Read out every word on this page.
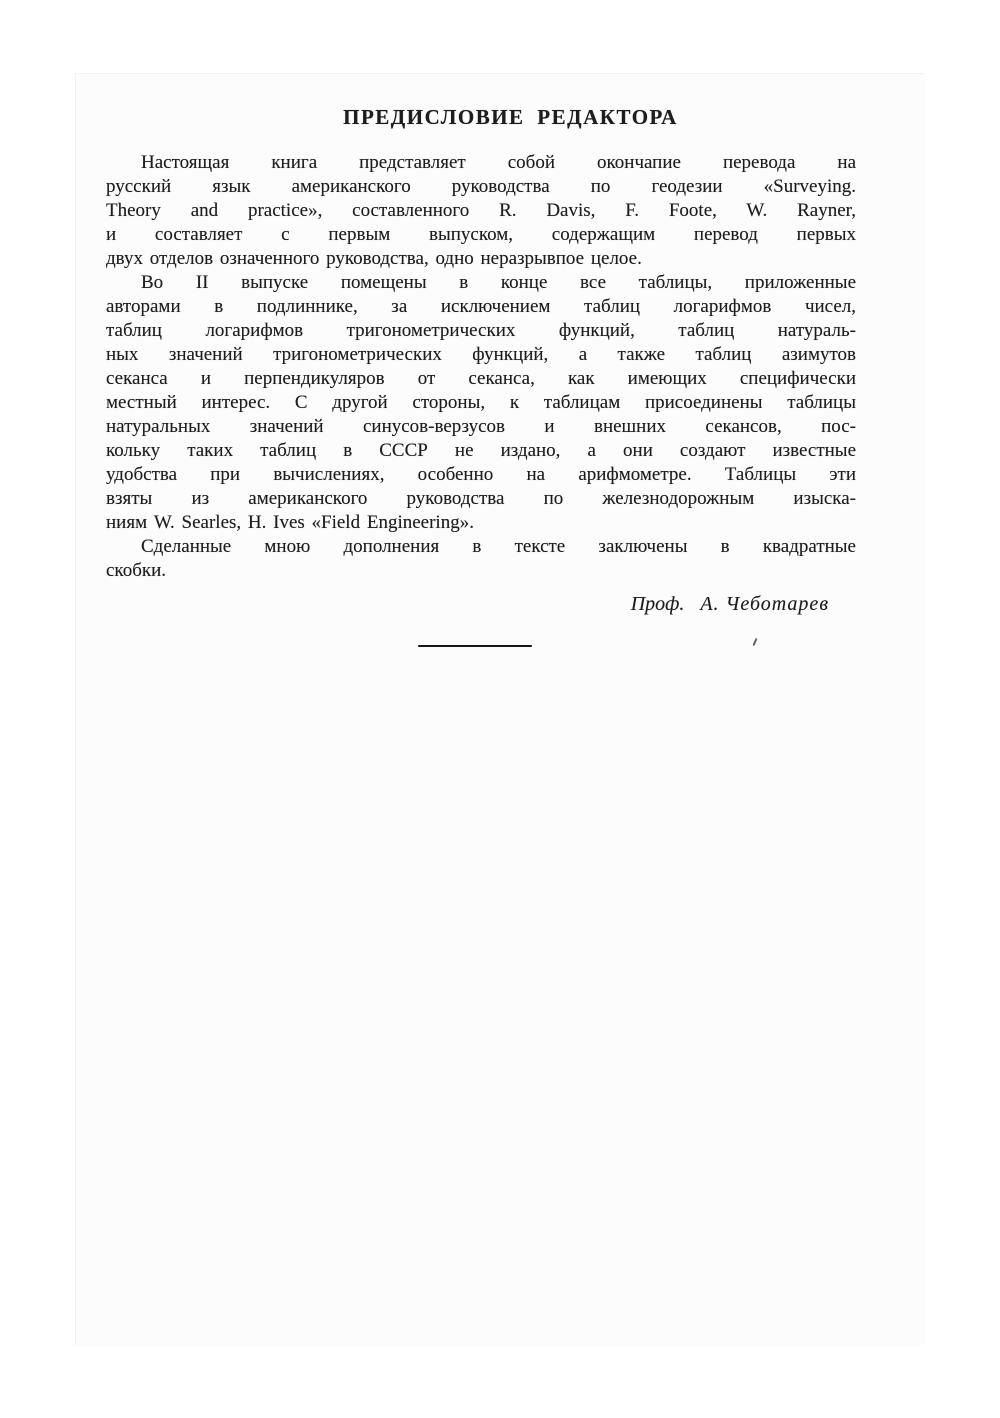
ПРЕДИСЛОВИЕ РЕДАКТОРА
Настоящая книга представляет собой окончапие перевода на
русский язык американского руководства по геодезии «Surveying.
Theory and practice», составленного R. Davis, F. Foote, W. Rayner,
и составляет с первым выпуском, содержащим перевод первых
двух отделов означенного руководства, одно неразрывпое целое.
Во II выпуске помещены в конце все таблицы, приложенные
авторами в подлиннике, за исключением таблиц логарифмов чисел,
таблиц логарифмов тригонометрических функций, таблиц натураль-
ных значений тригонометрических функций, а также таблиц азимутов
секанса и перпендикуляров от секанса, как имеющих специфически
местный интерес. С другой стороны, к таблицам присоединены таблицы
натуральных значений синусов-верзусов и внешних секансов, пос-
кольку таких таблиц в СССР не издано, а они создают известные
удобства при вычислениях, особенно на арифмометре. Таблицы эти
взяты из американского руководства по железнодорожным изыска-
ниям W. Searles, H. Ives «Field Engineering».
Сделанные мною дополнения в тексте заключены в квадратные
скобки.
Проф. А. Чеботарев
